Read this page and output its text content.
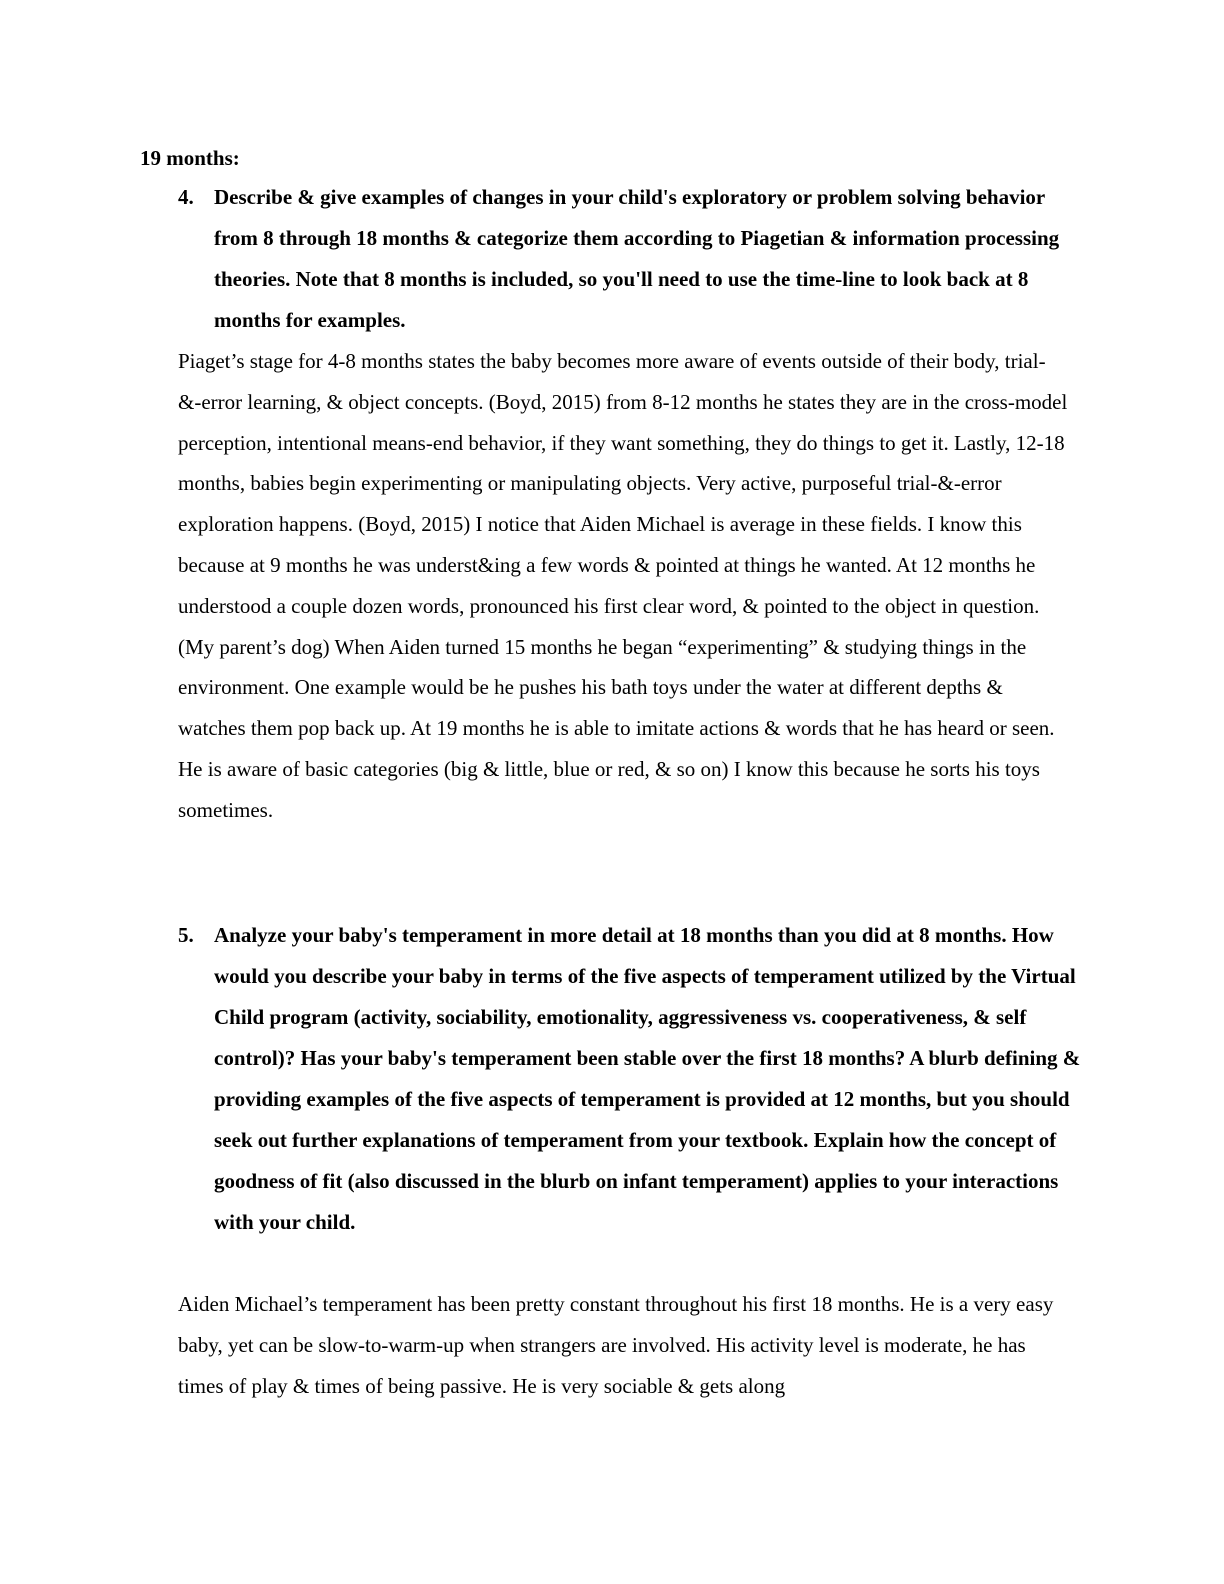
19 months:

4. Describe & give examples of changes in your child's exploratory or problem solving behavior from 8 through 18 months & categorize them according to Piagetian & information processing theories. Note that 8 months is included, so you'll need to use the time-line to look back at 8 months for examples.

Piaget’s stage for 4-8 months states the baby becomes more aware of events outside of their body, trial-&-error learning, & object concepts. (Boyd, 2015) from 8-12 months he states they are in the cross-model perception, intentional means-end behavior, if they want something, they do things to get it. Lastly, 12-18 months, babies begin experimenting or manipulating objects. Very active, purposeful trial-&-error exploration happens. (Boyd, 2015) I notice that Aiden Michael is average in these fields. I know this because at 9 months he was underst&ing a few words & pointed at things he wanted. At 12 months he understood a couple dozen words, pronounced his first clear word, & pointed to the object in question. (My parent’s dog) When Aiden turned 15 months he began “experimenting” & studying things in the environment. One example would be he pushes his bath toys under the water at different depths & watches them pop back up. At 19 months he is able to imitate actions & words that he has heard or seen. He is aware of basic categories (big & little, blue or red, & so on) I know this because he sorts his toys sometimes.

5. Analyze your baby's temperament in more detail at 18 months than you did at 8 months. How would you describe your baby in terms of the five aspects of temperament utilized by the Virtual Child program (activity, sociability, emotionality, aggressiveness vs. cooperativeness, & self control)? Has your baby's temperament been stable over the first 18 months? A blurb defining & providing examples of the five aspects of temperament is provided at 12 months, but you should seek out further explanations of temperament from your textbook. Explain how the concept of goodness of fit (also discussed in the blurb on infant temperament) applies to your interactions with your child.

Aiden Michael’s temperament has been pretty constant throughout his first 18 months. He is a very easy baby, yet can be slow-to-warm-up when strangers are involved. His activity level is moderate, he has times of play & times of being passive. He is very sociable & gets along
